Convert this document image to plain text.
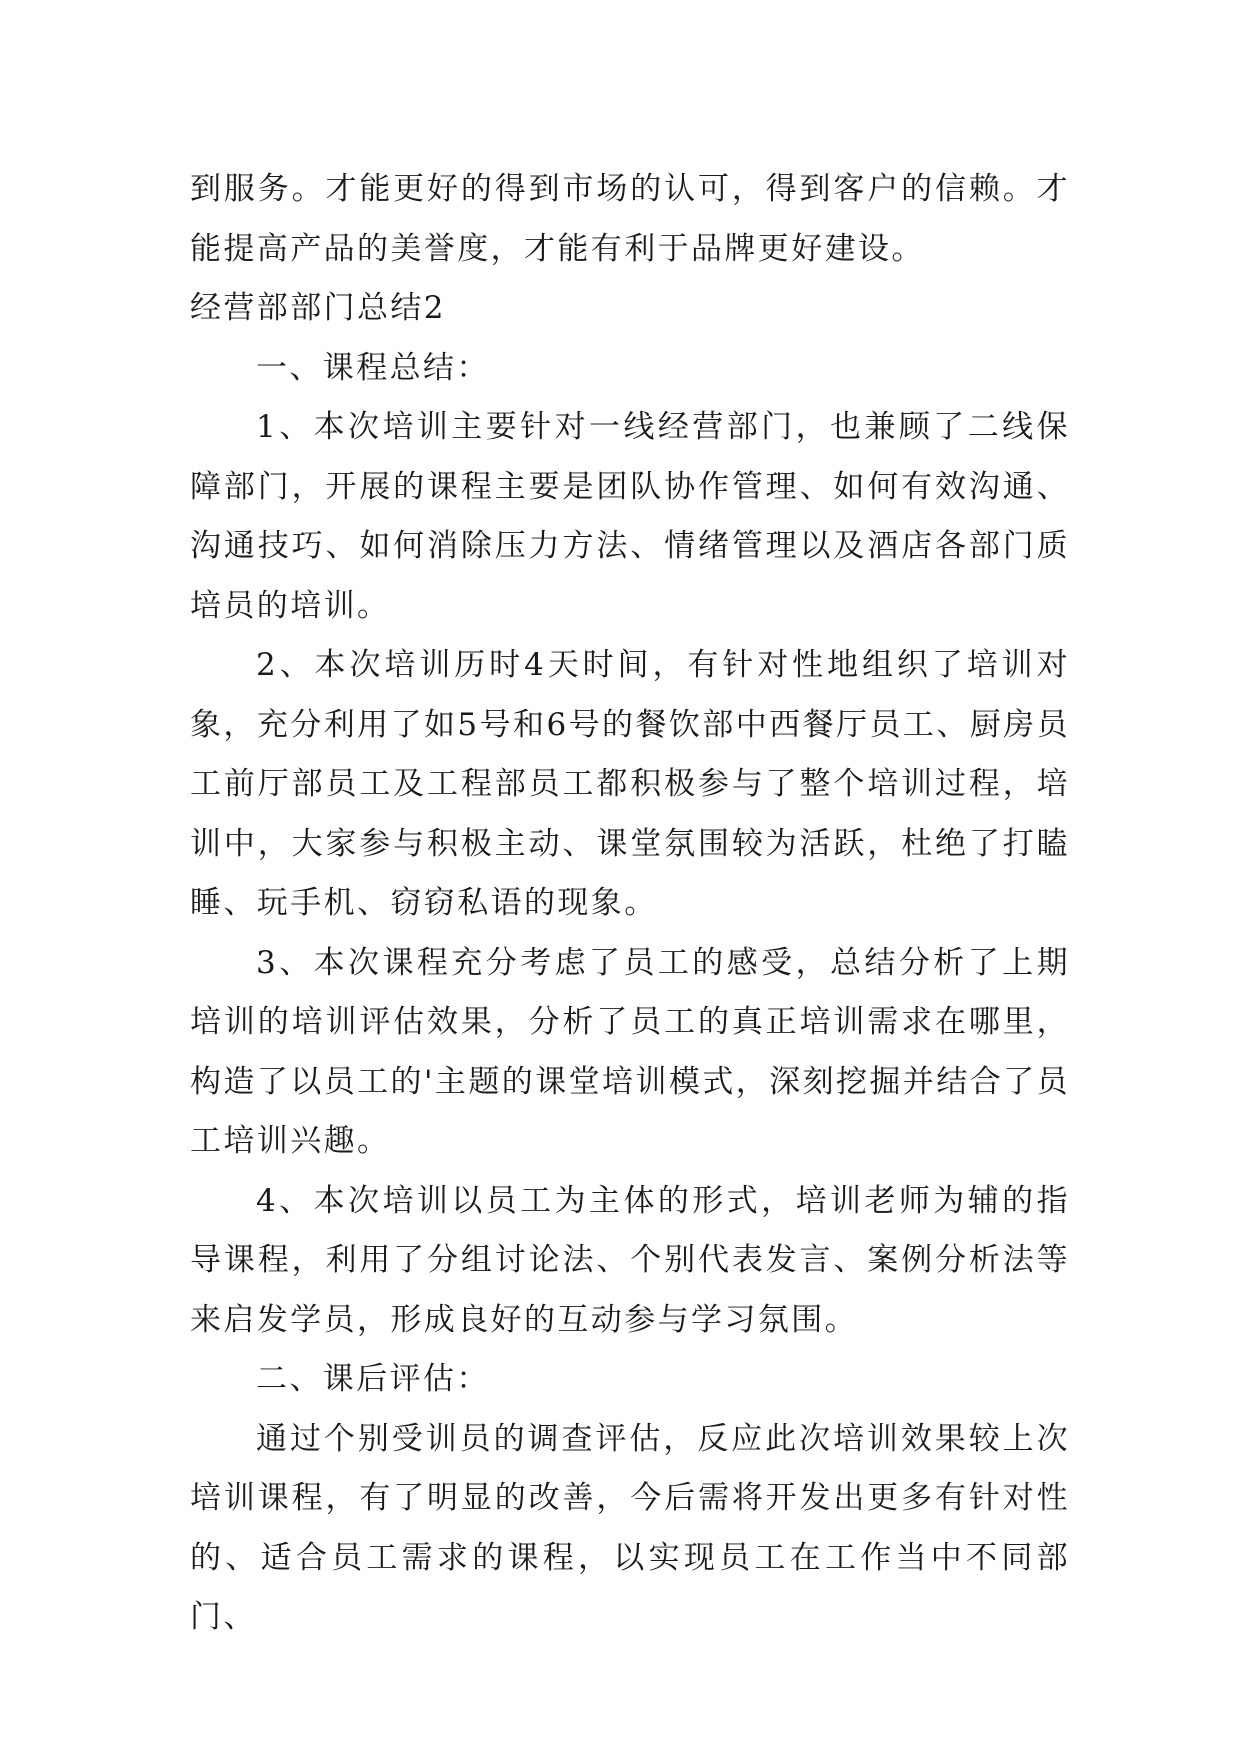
到服务。才能更好的得到市场的认可，得到客户的信赖。才能提高产品的美誉度，才能有利于品牌更好建设。

经营部部门总结2

一、课程总结：

1、本次培训主要针对一线经营部门，也兼顾了二线保障部门，开展的课程主要是团队协作管理、如何有效沟通、沟通技巧、如何消除压力方法、情绪管理以及酒店各部门质培员的培训。

2、本次培训历时4天时间，有针对性地组织了培训对象，充分利用了如5号和6号的餐饮部中西餐厅员工、厨房员工前厅部员工及工程部员工都积极参与了整个培训过程，培训中，大家参与积极主动、课堂氛围较为活跃，杜绝了打瞌睡、玩手机、窃窃私语的现象。

3、本次课程充分考虑了员工的感受，总结分析了上期培训的培训评估效果，分析了员工的真正培训需求在哪里，构造了以员工的'主题的课堂培训模式，深刻挖掘并结合了员工培训兴趣。

4、本次培训以员工为主体的形式，培训老师为辅的指导课程，利用了分组讨论法、个别代表发言、案例分析法等来启发学员，形成良好的互动参与学习氛围。

二、课后评估：

通过个别受训员的调查评估，反应此次培训效果较上次培训课程，有了明显的改善，今后需将开发出更多有针对性的、适合员工需求的课程，以实现员工在工作当中不同部门、
